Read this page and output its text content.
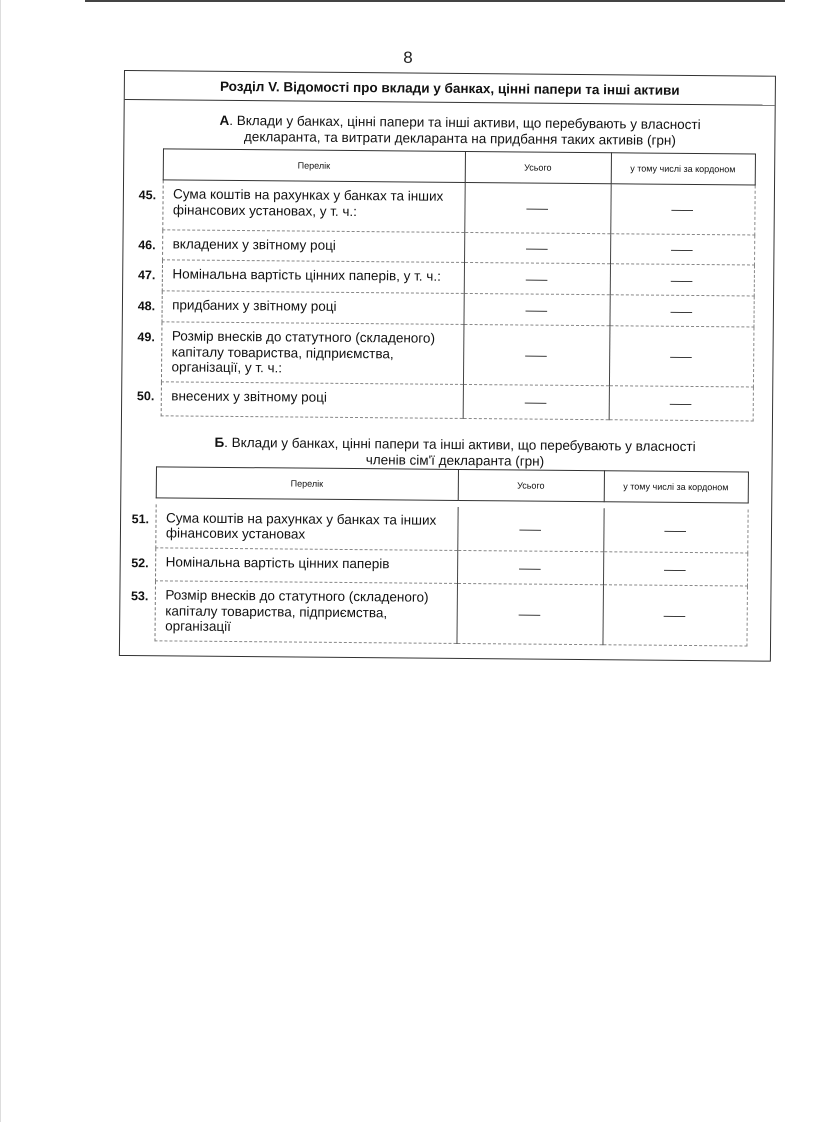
8
Розділ V. Відомості про вклади у банках, цінні папери та інші активи
А. Вклади у банках, цінні папери та інші активи, що перебувають у власності
декларанта, та витрати декларанта на придбання таких активів (грн)
	Перелік	Усього	у тому числі за кордоном
45.	Сума коштів на рахунках у банках та інших фінансових установах, у т. ч.:	—	—
46.	вкладених у звітному році	—	—
47.	Номінальна вартість цінних паперів, у т. ч.:	—	—
48.	придбаних у звітному році	—	—
49.	Розмір внесків до статутного (складеного) капіталу товариства, підприємства, організації, у т. ч.:	—	—
50.	внесених у звітному році	—	—
Б. Вклади у банках, цінні папери та інші активи, що перебувають у власності
членів сім'ї декларанта (грн)
	Перелік	Усього	у тому числі за кордоном

51.	Сума коштів на рахунках у банках та інших фінансових установах	—	—
52.	Номінальна вартість цінних паперів	—	—
53.	Розмір внесків до статутного (складеного) капіталу товариства, підприємства, організації	—	—
